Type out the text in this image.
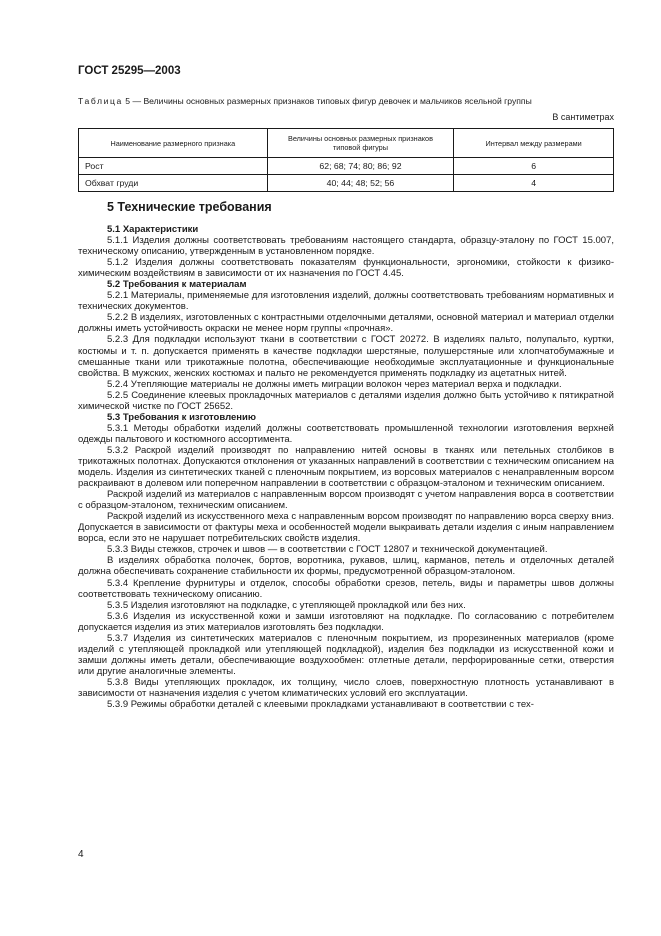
ГОСТ 25295—2003
Таблица 5 — Величины основных размерных признаков типовых фигур девочек и мальчиков ясельной группы
В сантиметрах
Наименование размерного признака	Величины основных размерных признаков типовой фигуры	Интервал между размерами
Рост	62; 68; 74; 80; 86; 92	6
Обхват груди	40; 44; 48; 52; 56	4
5 Технические требования

5.1 Характеристики

5.1.1 Изделия должны соответствовать требованиям настоящего стандарта, образцу-эталону по ГОСТ 15.007, техническому описанию, утвержденным в установленном порядке.

5.1.2 Изделия должны соответствовать показателям функциональности, эргономики, стойкости к физико-химическим воздействиям в зависимости от их назначения по ГОСТ 4.45.

5.2 Требования к материалам

5.2.1 Материалы, применяемые для изготовления изделий, должны соответствовать требованиям нормативных и технических документов.

5.2.2 В изделиях, изготовленных с контрастными отделочными деталями, основной материал и материал отделки должны иметь устойчивость окраски не менее норм группы «прочная».

5.2.3 Для подкладки используют ткани в соответствии с ГОСТ 20272. В изделиях пальто, полупальто, куртки, костюмы и т. п. допускается применять в качестве подкладки шерстяные, полушерстяные или хлопчатобумажные и смешанные ткани или трикотажные полотна, обеспечивающие необходимые эксплуатационные и функциональные свойства. В мужских, женских костюмах и пальто не рекомендуется применять подкладку из ацетатных нитей.

5.2.4 Утепляющие материалы не должны иметь миграции волокон через материал верха и подкладки.

5.2.5 Соединение клеевых прокладочных материалов с деталями изделия должно быть устойчиво к пятикратной химической чистке по ГОСТ 25652.

5.3 Требования к изготовлению

5.3.1 Методы обработки изделий должны соответствовать промышленной технологии изготовления верхней одежды пальтового и костюмного ассортимента.

5.3.2 Раскрой изделий производят по направлению нитей основы в тканях или петельных столбиков в трикотажных полотнах. Допускаются отклонения от указанных направлений в соответствии с техническим описанием на модель. Изделия из синтетических тканей с пленочным покрытием, из ворсовых материалов с ненаправленным ворсом раскраивают в долевом или поперечном направлении в соответствии с образцом-эталоном и техническим описанием.

Раскрой изделий из материалов с направленным ворсом производят с учетом направления ворса в соответствии с образцом-эталоном, техническим описанием.

Раскрой изделий из искусственного меха с направленным ворсом производят по направлению ворса сверху вниз. Допускается в зависимости от фактуры меха и особенностей модели выкраивать детали изделия с иным направлением ворса, если это не нарушает потребительских свойств изделия.

5.3.3 Виды стежков, строчек и швов — в соответствии с ГОСТ 12807 и технической документацией.

В изделиях обработка полочек, бортов, воротника, рукавов, шлиц, карманов, петель и отделочных деталей должна обеспечивать сохранение стабильности их формы, предусмотренной образцом-эталоном.

5.3.4 Крепление фурнитуры и отделок, способы обработки срезов, петель, виды и параметры швов должны соответствовать техническому описанию.

5.3.5 Изделия изготовляют на подкладке, с утепляющей прокладкой или без них.

5.3.6 Изделия из искусственной кожи и замши изготовляют на подкладке. По согласованию с потребителем допускается изделия из этих материалов изготовлять без подкладки.

5.3.7 Изделия из синтетических материалов с пленочным покрытием, из прорезиненных материалов (кроме изделий с утепляющей прокладкой или утепляющей подкладкой), изделия без подкладки из искусственной кожи и замши должны иметь детали, обеспечивающие воздухообмен: отлетные детали, перфорированные сетки, отверстия или другие аналогичные элементы.

5.3.8 Виды утепляющих прокладок, их толщину, число слоев, поверхностную плотность устанавливают в зависимости от назначения изделия с учетом климатических условий его эксплуатации.

5.3.9 Режимы обработки деталей с клеевыми прокладками устанавливают в соответствии с тех-

4
